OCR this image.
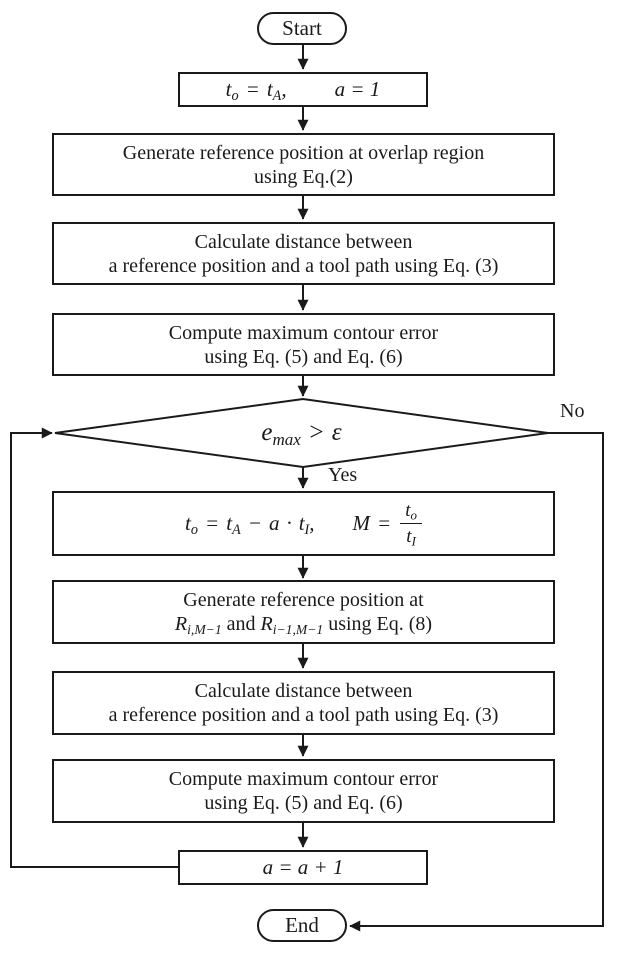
Start
$t_o = t_A$, a = 1
Generate reference position at overlap region
using Eq.(2)
Calculate distance between
a reference position and a tool path using Eq. (3)
Compute maximum contour error
using Eq. (5) and Eq. (6)
$e_{max} > \varepsilon$
Yes
No
$t_o = t_A - a \cdot t_I$, $M = \frac{t_o}{t_I}$
Generate reference position at
$R_{i,M-1}$ and $R_{i-1,M-1}$ using Eq. (8)
Calculate distance between
a reference position and a tool path using Eq. (3)
Compute maximum contour error
using Eq. (5) and Eq. (6)
a = a + 1
End
